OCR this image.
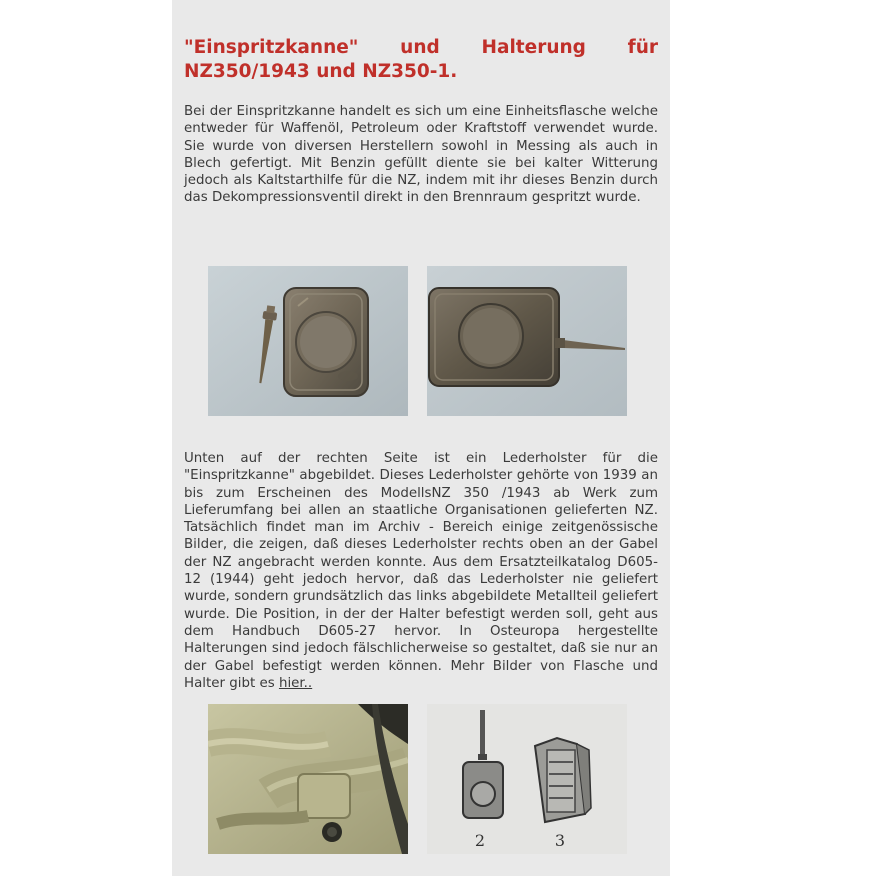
"Einspritzkanne" und Halterung für NZ350/1943 und NZ350-1.

Bei der Einspritzkanne handelt es sich um eine Einheitsflasche welche entweder für Waffenöl, Petroleum oder Kraftstoff verwendet wurde. Sie wurde von diversen Herstellern sowohl in Messing als auch in Blech gefertigt. Mit Benzin gefüllt diente sie bei kalter Witterung jedoch als Kaltstarthilfe für die NZ, indem mit ihr dieses Benzin durch das Dekompressionsventil direkt in den Brennraum gespritzt wurde.

Unten auf der rechten Seite ist ein Lederholster für die "Einspritzkanne" abgebildet. Dieses Lederholster gehörte von 1939 an bis zum Erscheinen des ModellsNZ 350 /1943 ab Werk zum Lieferumfang bei allen an staatliche Organisationen gelieferten NZ. Tatsächlich findet man im Archiv - Bereich einige zeitgenössische Bilder, die zeigen, daß dieses Lederholster rechts oben an der Gabel der NZ angebracht werden konnte. Aus dem Ersatzteilkatalog D605-12 (1944) geht jedoch hervor, daß das Lederholster nie geliefert wurde, sondern grundsätzlich das links abgebildete Metallteil geliefert wurde. Die Position, in der der Halter befestigt werden soll, geht aus dem Handbuch D605-27 hervor. In Osteuropa hergestellte Halterungen sind jedoch fälschlicherweise so gestaltet, daß sie nur an der Gabel befestigt werden können. Mehr Bilder von Flasche und Halter gibt es hier..

2	3
